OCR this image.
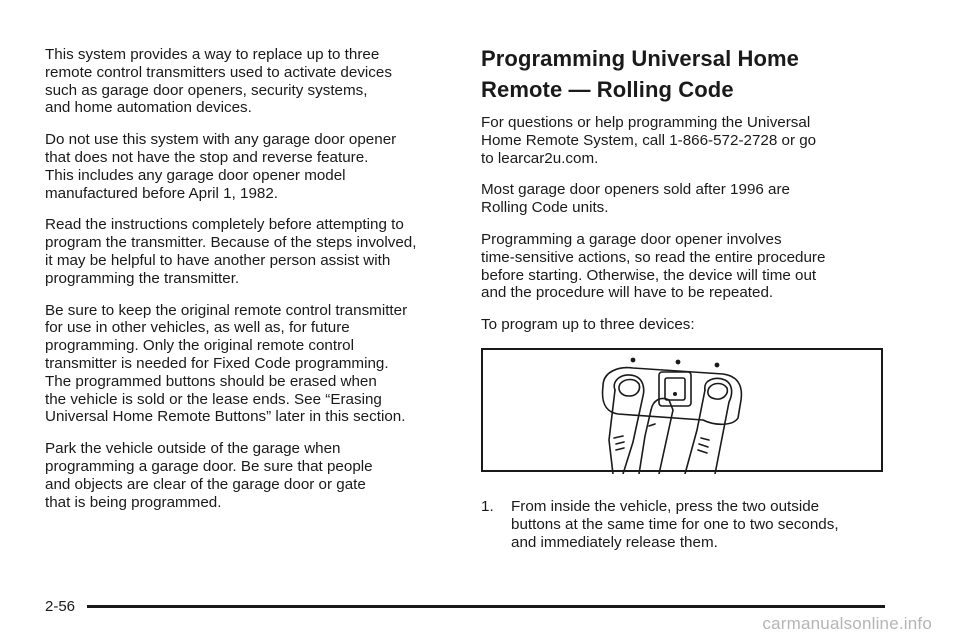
This system provides a way to replace up to three
remote control transmitters used to activate devices
such as garage door openers, security systems,
and home automation devices.

Do not use this system with any garage door opener
that does not have the stop and reverse feature.
This includes any garage door opener model
manufactured before April 1, 1982.

Read the instructions completely before attempting to
program the transmitter. Because of the steps involved,
it may be helpful to have another person assist with
programming the transmitter.

Be sure to keep the original remote control transmitter
for use in other vehicles, as well as, for future
programming. Only the original remote control
transmitter is needed for Fixed Code programming.
The programmed buttons should be erased when
the vehicle is sold or the lease ends. See “Erasing
Universal Home Remote Buttons” later in this section.

Park the vehicle outside of the garage when
programming a garage door. Be sure that people
and objects are clear of the garage door or gate
that is being programmed.

Programming Universal Home
Remote — Rolling Code

For questions or help programming the Universal
Home Remote System, call 1-866-572-2728 or go
to learcar2u.com.

Most garage door openers sold after 1996 are
Rolling Code units.

Programming a garage door opener involves
time-sensitive actions, so read the entire procedure
before starting. Otherwise, the device will time out
and the procedure will have to be repeated.

To program up to three devices:

1.	From inside the vehicle, press the two outside
buttons at the same time for one to two seconds,
and immediately release them.
2-56
carmanualsonline.info
